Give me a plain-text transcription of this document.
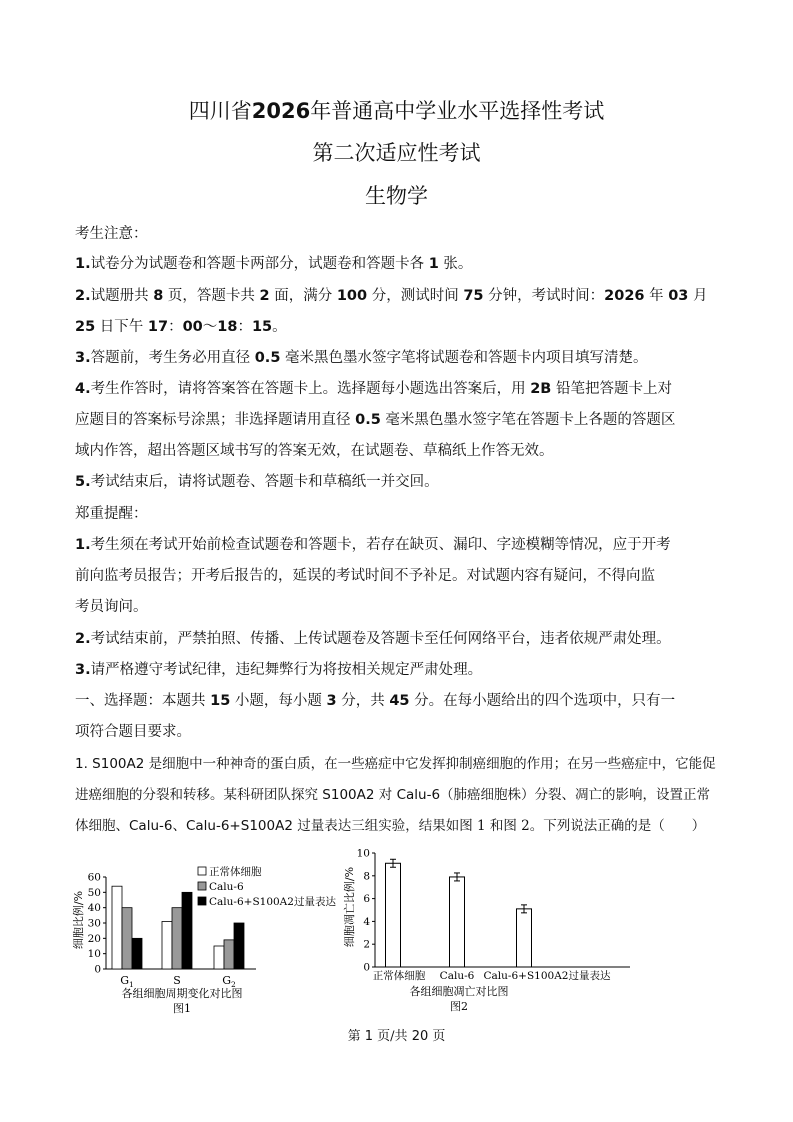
四川省2026年普通高中学业水平选择性考试
第二次适应性考试
生物学
考生注意：
1.试卷分为试题卷和答题卡两部分，试题卷和答题卡各 1 张。
2.试题册共 8 页，答题卡共 2 面，满分 100 分，测试时间 75 分钟，考试时间：2026 年 03 月
25 日下午 17：00～18：15。
3.答题前，考生务必用直径 0.5 毫米黑色墨水签字笔将试题卷和答题卡内项目填写清楚。
4.考生作答时，请将答案答在答题卡上。选择题每小题选出答案后，用 2B 铅笔把答题卡上对
应题目的答案标号涂黑；非选择题请用直径 0.5 毫米黑色墨水签字笔在答题卡上各题的答题区
域内作答，超出答题区域书写的答案无效，在试题卷、草稿纸上作答无效。
5.考试结束后，请将试题卷、答题卡和草稿纸一并交回。
郑重提醒：
1.考生须在考试开始前检查试题卷和答题卡，若存在缺页、漏印、字迹模糊等情况，应于开考
前向监考员报告；开考后报告的，延误的考试时间不予补足。对试题内容有疑问，不得向监
考员询问。
2.考试结束前，严禁拍照、传播、上传试题卷及答题卡至任何网络平台，违者依规严肃处理。
3.请严格遵守考试纪律，违纪舞弊行为将按相关规定严肃处理。
一、选择题：本题共 15 小题，每小题 3 分，共 45 分。在每小题给出的四个选项中，只有一
项符合题目要求。
1. S100A2 是细胞中一种神奇的蛋白质，在一些癌症中它发挥抑制癌细胞的作用；在另一些癌症中，它能促
进癌细胞的分裂和转移。某科研团队探究 S100A2 对 Calu-6（肺癌细胞株）分裂、凋亡的影响，设置正常
体细胞、Calu-6、Calu-6+S100A2 过量表达三组实验，结果如图 1 和图 2。下列说法正确的是（　　）
细胞比例/%
0
10
20
30
40
50
60
$G_1$	S	$G_2$
正常体细胞
Calu-6
Calu-6+S100A2过量表达
各组细胞周期变化对比图
图1
细胞凋亡比例/%
0
2
4
6
8
10
正常体细胞 Calu-6 Calu-6+S100A2过量表达
各组细胞凋亡对比图
图2
第 1 页/共 20 页
